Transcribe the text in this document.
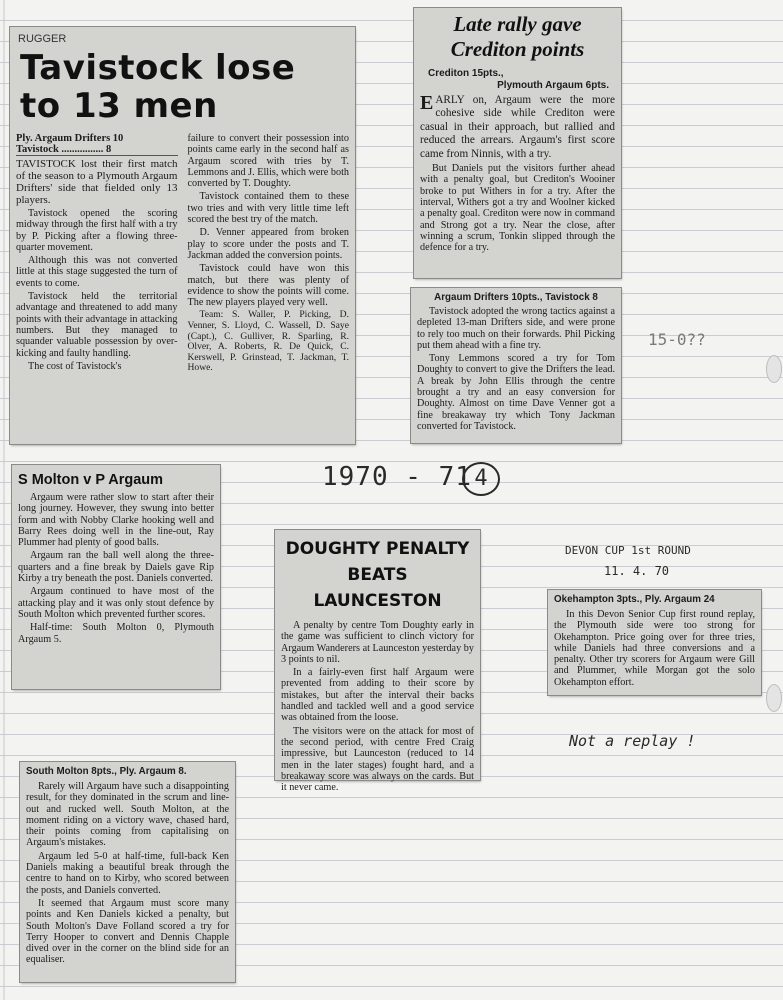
RUGGER
Tavistock lose
to 13 men
Ply. Argaum Drifters 10
Tavistock ................ 8

TAVISTOCK lost their first match of the season to a Plymouth Argaum Drifters' side that fielded only 13 players.

Tavistock opened the scoring midway through the first half with a try by P. Picking after a flowing three-quarter movement.

Although this was not converted little at this stage suggested the turn of events to come.

Tavistock held the territorial advantage and threatened to add many points with their advantage in attacking numbers. But they managed to squander valuable possession by over-kicking and faulty handling.

The cost of Tavistock's

failure to convert their possession into points came early in the second half as Argaum scored with tries by T. Lemmons and J. Ellis, which were both converted by T. Doughty.

Tavistock contained them to these two tries and with very little time left scored the best try of the match.

D. Venner appeared from broken play to score under the posts and T. Jackman added the conversion points.

Tavistock could have won this match, but there was plenty of evidence to show the points will come. The new players played very well.

Team: S. Waller, P. Picking, D. Venner, S. Lloyd, C. Wassell, D. Saye (Capt.), C. Gulliver, R. Sparling, R. Olver, A. Roberts, R. De Quick, C. Kerswell, P. Grinstead, T. Jackman, T. Howe.

Late rally gave
Crediton points
Crediton 15pts.,
Plymouth Argaum 6pts.

EARLY on, Argaum were the more cohesive side while Crediton were casual in their approach, but rallied and reduced the arrears. Argaum's first score came from Ninnis, with a try.

But Daniels put the visitors further ahead with a penalty goal, but Crediton's Wooiner broke to put Withers in for a try. After the interval, Withers got a try and Woolner kicked a penalty goal. Crediton were now in command and Strong got a try. Near the close, after winning a scrum, Tonkin slipped through the defence for a try.

Argaum Drifters 10pts., Tavistock 8

Tavistock adopted the wrong tactics against a depleted 13-man Drifters side, and were prone to rely too much on their forwards. Phil Picking put them ahead with a fine try.

Tony Lemmons scored a try for Tom Doughty to convert to give the Drifters the lead. A break by John Ellis through the centre brought a try and an easy conversion for Doughty. Almost on time Dave Venner got a fine breakaway try which Tony Jackman converted for Tavistock.

S Molton v P Argaum

Argaum were rather slow to start after their long journey. However, they swung into better form and with Nobby Clarke hooking well and Barry Rees doing well in the line-out, Ray Plummer had plenty of good balls.

Argaum ran the ball well along the three-quarters and a fine break by Daiels gave Rip Kirby a try beneath the post. Daniels converted.

Argaum continued to have most of the attacking play and it was only stout defence by South Molton which prevented further scores.

Half-time: South Molton 0, Plymouth Argaum 5.

DOUGHTY PENALTY
BEATS LAUNCESTON

A penalty by centre Tom Doughty early in the game was sufficient to clinch victory for Argaum Wanderers at Launceston yesterday by 3 points to nil.

In a fairly-even first half Argaum were prevented from adding to their score by mistakes, but after the interval their backs handled and tackled well and a good service was obtained from the loose.

The visitors were on the attack for most of the second period, with centre Fred Craig impressive, but Launceston (reduced to 14 men in the later stages) fought hard, and a breakaway score was always on the cards. But it never came.

Okehampton 3pts., Ply. Argaum 24

In this Devon Senior Cup first round replay, the Plymouth side were too strong for Okehampton. Price going over for three tries, while Daniels had three conversions and a penalty. Other try scorers for Argaum were Gill and Plummer, while Morgan got the solo Okehampton effort.

South Molton 8pts., Ply. Argaum 8.

Rarely will Argaum have such a disappointing result, for they dominated in the scrum and line-out and rucked well. South Molton, at the moment riding on a victory wave, chased hard, their points coming from capitalising on Argaum's mistakes.

Argaum led 5-0 at half-time, full-back Ken Daniels making a beautiful break through the centre to hand on to Kirby, who scored between the posts, and Daniels converted.

It seemed that Argaum must score many points and Ken Daniels kicked a penalty, but South Molton's Dave Folland scored a try for Terry Hooper to convert and Dennis Chapple dived over in the corner on the blind side for an equaliser.

1970 - 71 4
DEVON CUP 1st ROUND
11. 4. 70
Not a replay !
15-0??
